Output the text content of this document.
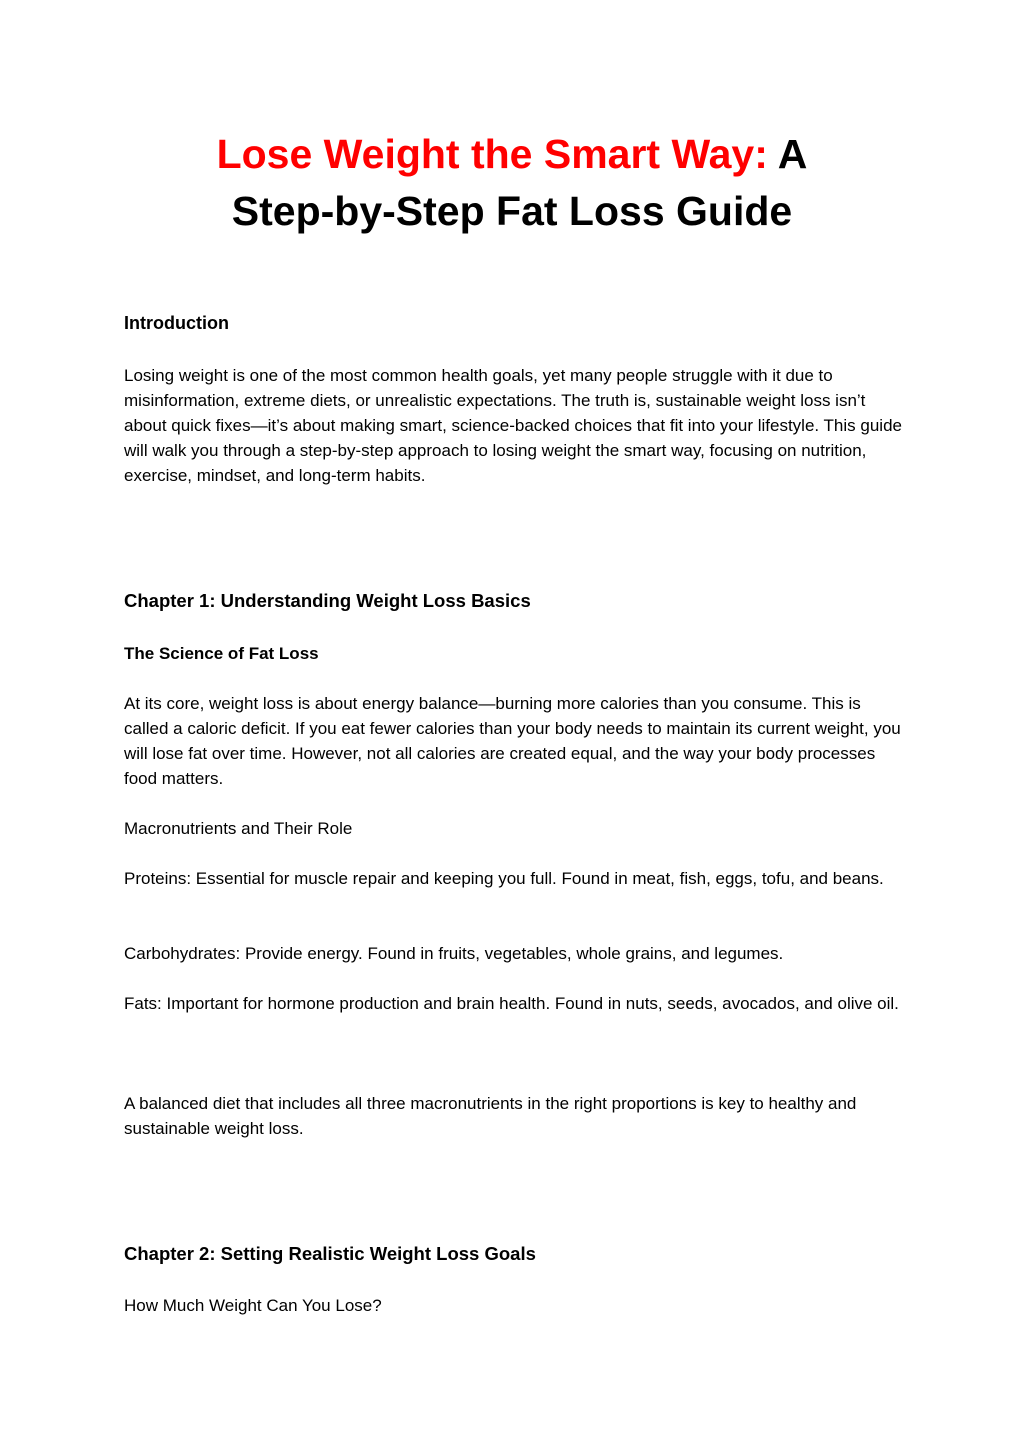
Lose Weight the Smart Way: A
Step-by-Step Fat Loss Guide

Introduction

Losing weight is one of the most common health goals, yet many people struggle with it due to misinformation, extreme diets, or unrealistic expectations. The truth is, sustainable weight loss isn’t about quick fixes—it’s about making smart, science-backed choices that fit into your lifestyle. This guide will walk you through a step-by-step approach to losing weight the smart way, focusing on nutrition, exercise, mindset, and long-term habits.

Chapter 1: Understanding Weight Loss Basics

The Science of Fat Loss

At its core, weight loss is about energy balance—burning more calories than you consume. This is called a caloric deficit. If you eat fewer calories than your body needs to maintain its current weight, you will lose fat over time. However, not all calories are created equal, and the way your body processes food matters.

Macronutrients and Their Role

Proteins: Essential for muscle repair and keeping you full. Found in meat, fish, eggs, tofu, and beans.

Carbohydrates: Provide energy. Found in fruits, vegetables, whole grains, and legumes.

Fats: Important for hormone production and brain health. Found in nuts, seeds, avocados, and olive oil.

A balanced diet that includes all three macronutrients in the right proportions is key to healthy and sustainable weight loss.

Chapter 2: Setting Realistic Weight Loss Goals

How Much Weight Can You Lose?
